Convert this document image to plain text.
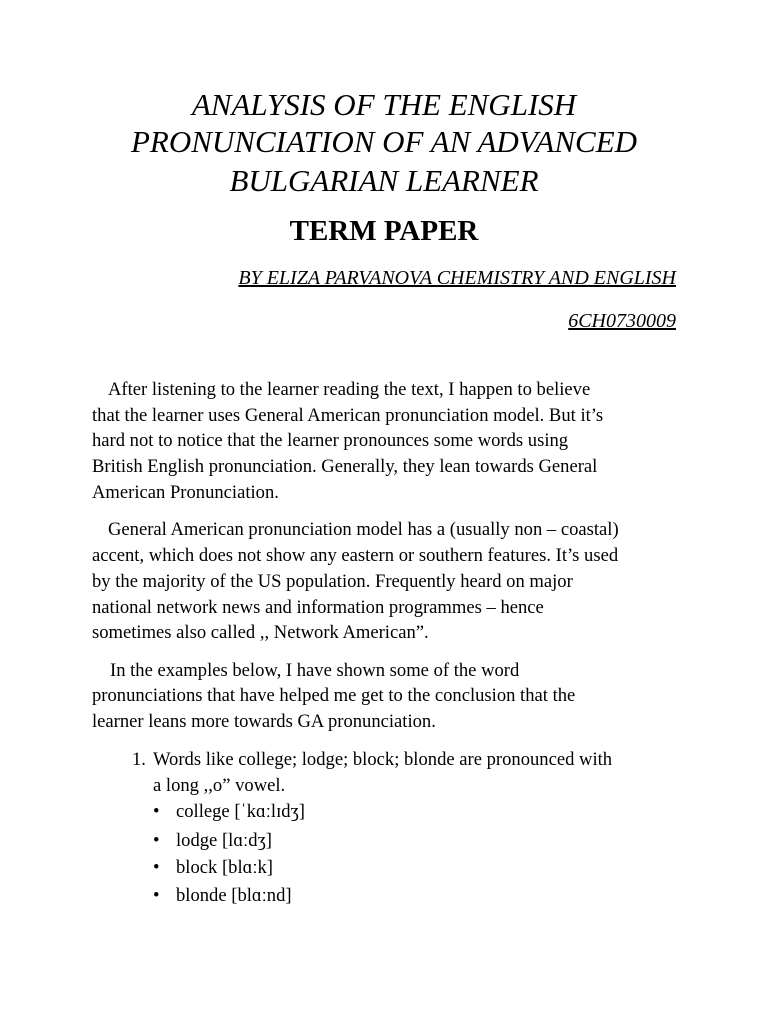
ANALYSIS OF THE ENGLISH
PRONUNCIATION OF AN ADVANCED
BULGARIAN LEARNER
TERM PAPER
BY ELIZA PARVANOVA CHEMISTRY AND ENGLISH
6CH0730009
After listening to the learner reading the text, I happen to believe
that the learner uses General American pronunciation model. But it’s
hard not to notice that the learner pronounces some words using
British English pronunciation. Generally, they lean towards General
American Pronunciation.
General American pronunciation model has a (usually non – coastal)
accent, which does not show any eastern or southern features. It’s used
by the majority of the US population. Frequently heard on major
national network news and information programmes – hence
sometimes also called ,, Network American”.
In the examples below, I have shown some of the word
pronunciations that have helped me get to the conclusion that the
learner leans more towards GA pronunciation.
1. Words like college; lodge; block; blonde are pronounced with
a long ,,o” vowel.
• college [ˈkɑːlɪdʒ]
• lodge [lɑːdʒ]
• block [blɑːk]
• blonde [blɑːnd]
